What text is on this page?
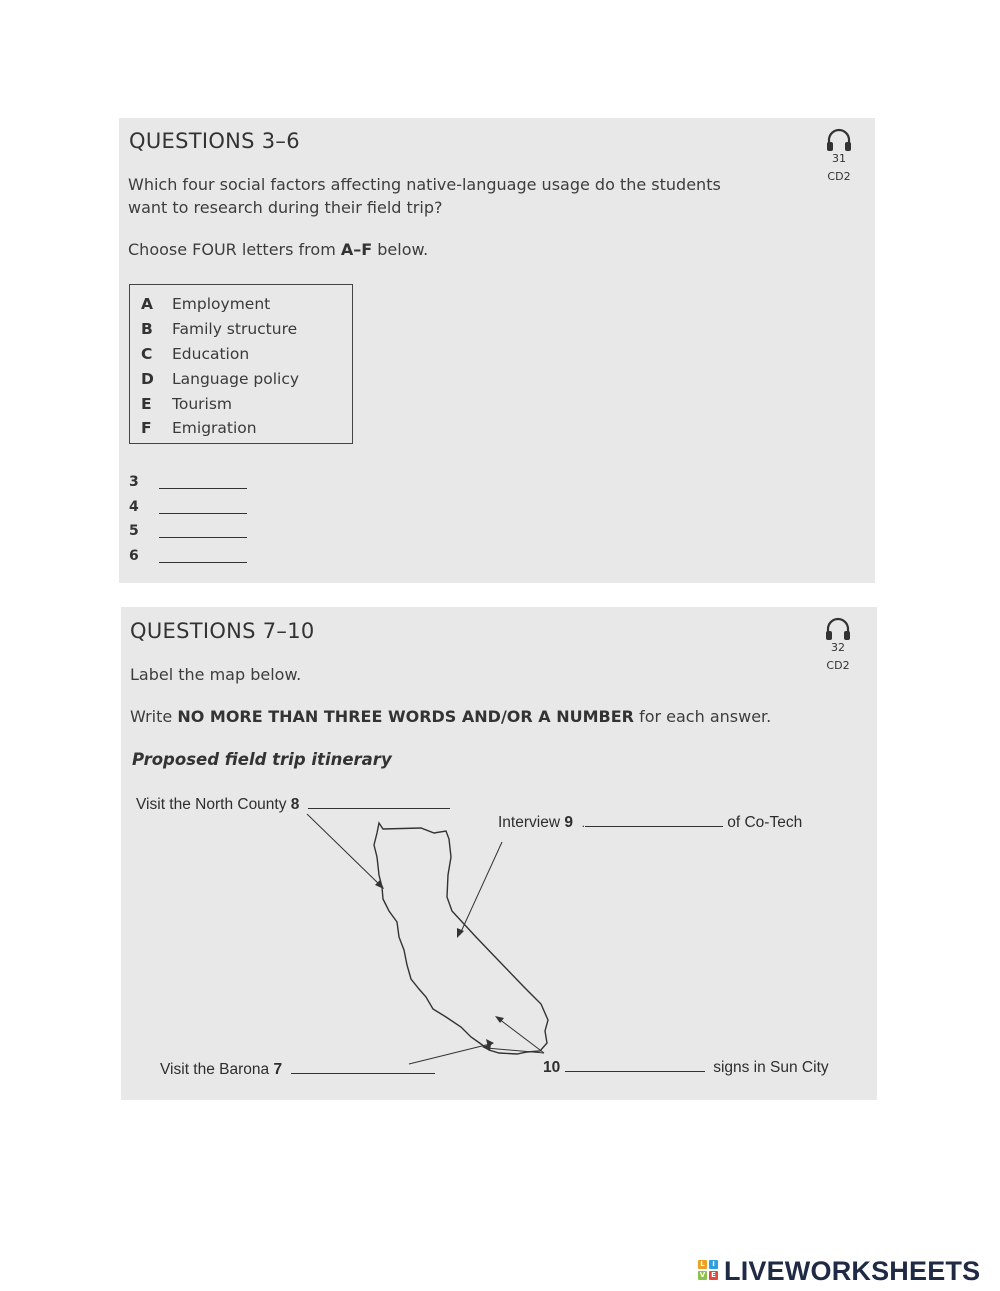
QUESTIONS 3–6
31
CD2

Which four social factors affecting native-language usage do the students

want to research during their field trip?

Choose FOUR letters from A–F below.

A Employment
B Family structure
C Education
D Language policy
E Tourism
F Emigration
3
4
5
6
QUESTIONS 7–10
32
CD2

Label the map below.

Write NO MORE THAN THREE WORDS AND/OR A NUMBER for each answer.

Proposed field trip itinerary
Visit the North County 8
Interview 9 .	of Co-Tech
Visit the Barona 7	10	signs in Sun City
L	I
V E LIVEWORKSHEETS
